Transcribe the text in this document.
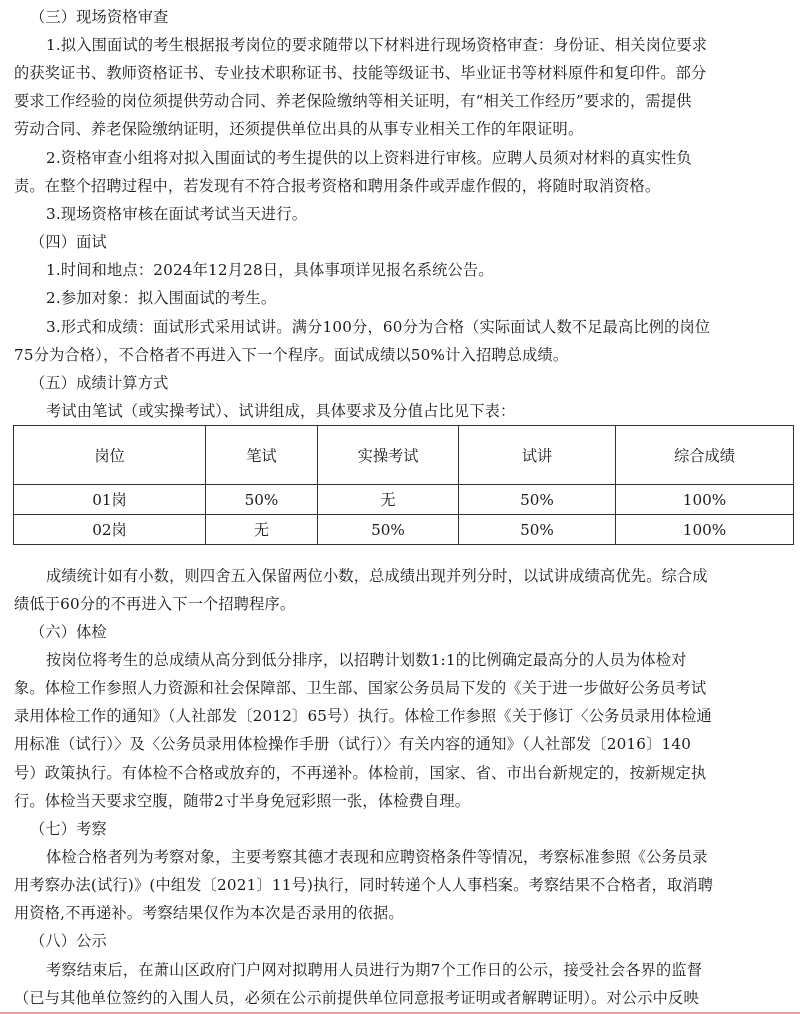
（三）现场资格审查
1.拟入围面试的考生根据报考岗位的要求随带以下材料进行现场资格审查：身份证、相关岗位要求
的获奖证书、教师资格证书、专业技术职称证书、技能等级证书、毕业证书等材料原件和复印件。部分
要求工作经验的岗位须提供劳动合同、养老保险缴纳等相关证明，有“相关工作经历”要求的，需提供
劳动合同、养老保险缴纳证明，还须提供单位出具的从事专业相关工作的年限证明。
2.资格审查小组将对拟入围面试的考生提供的以上资料进行审核。应聘人员须对材料的真实性负
责。在整个招聘过程中，若发现有不符合报考资格和聘用条件或弄虚作假的，将随时取消资格。
3.现场资格审核在面试考试当天进行。
（四）面试
1.时间和地点：2024年12月28日，具体事项详见报名系统公告。
2.参加对象：拟入围面试的考生。
3.形式和成绩：面试形式采用试讲。满分100分，60分为合格（实际面试人数不足最高比例的岗位
75分为合格），不合格者不再进入下一个程序。面试成绩以50%计入招聘总成绩。
（五）成绩计算方式
考试由笔试（或实操考试）、试讲组成，具体要求及分值占比见下表：
岗位	笔试	实操考试	试讲	综合成绩
01岗	50%	无	50%	100%
02岗	无	50%	50%	100%
成绩统计如有小数，则四舍五入保留两位小数，总成绩出现并列分时，以试讲成绩高优先。综合成
绩低于60分的不再进入下一个招聘程序。
（六）体检
按岗位将考生的总成绩从高分到低分排序，以招聘计划数1:1的比例确定最高分的人员为体检对
象。体检工作参照人力资源和社会保障部、卫生部、国家公务员局下发的《关于进一步做好公务员考试
录用体检工作的通知》（人社部发〔2012〕65号）执行。体检工作参照《关于修订〈公务员录用体检通
用标准（试行）〉及〈公务员录用体检操作手册（试行）〉有关内容的通知》（人社部发〔2016〕140
号）政策执行。有体检不合格或放弃的，不再递补。体检前，国家、省、市出台新规定的，按新规定执
行。体检当天要求空腹，随带2寸半身免冠彩照一张，体检费自理。
（七）考察
体检合格者列为考察对象，主要考察其德才表现和应聘资格条件等情况，考察标准参照《公务员录
用考察办法(试行)》(中组发〔2021〕11号)执行，同时转递个人人事档案。考察结果不合格者，取消聘
用资格,不再递补。考察结果仅作为本次是否录用的依据。
（八）公示
考察结束后，在萧山区政府门户网对拟聘用人员进行为期7个工作日的公示，接受社会各界的监督
（已与其他单位签约的入围人员，必须在公示前提供单位同意报考证明或者解聘证明）。对公示中反映
